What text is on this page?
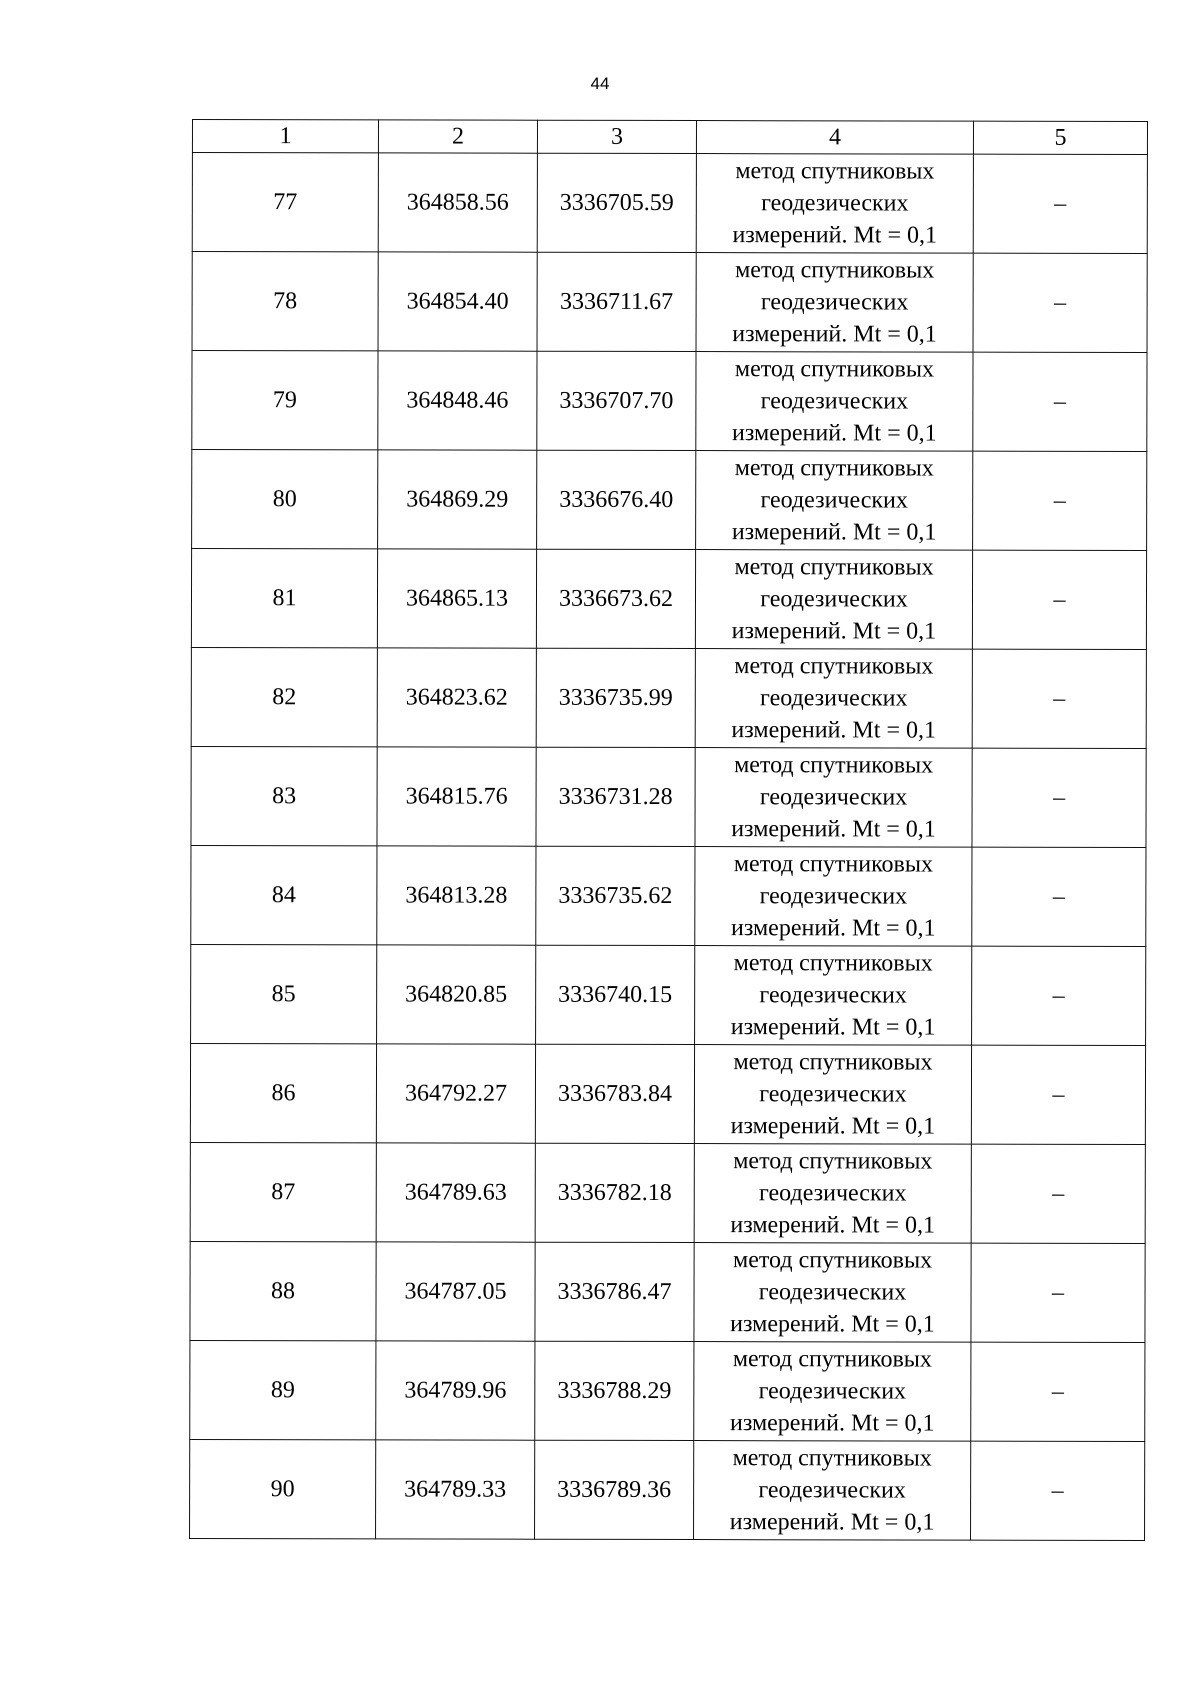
44
1	2	3	4	5
77	364858.56	3336705.59	метод спутниковых
геодезических
измерений. Mt = 0,1	–
78	364854.40	3336711.67	метод спутниковых
геодезических
измерений. Mt = 0,1	–
79	364848.46	3336707.70	метод спутниковых
геодезических
измерений. Mt = 0,1	–
80	364869.29	3336676.40	метод спутниковых
геодезических
измерений. Mt = 0,1	–
81	364865.13	3336673.62	метод спутниковых
геодезических
измерений. Mt = 0,1	–
82	364823.62	3336735.99	метод спутниковых
геодезических
измерений. Mt = 0,1	–
83	364815.76	3336731.28	метод спутниковых
геодезических
измерений. Mt = 0,1	–
84	364813.28	3336735.62	метод спутниковых
геодезических
измерений. Mt = 0,1	–
85	364820.85	3336740.15	метод спутниковых
геодезических
измерений. Mt = 0,1	–
86	364792.27	3336783.84	метод спутниковых
геодезических
измерений. Mt = 0,1	–
87	364789.63	3336782.18	метод спутниковых
геодезических
измерений. Mt = 0,1	–
88	364787.05	3336786.47	метод спутниковых
геодезических
измерений. Mt = 0,1	–
89	364789.96	3336788.29	метод спутниковых
геодезических
измерений. Mt = 0,1	–
90	364789.33	3336789.36	метод спутниковых
геодезических
измерений. Mt = 0,1	–
